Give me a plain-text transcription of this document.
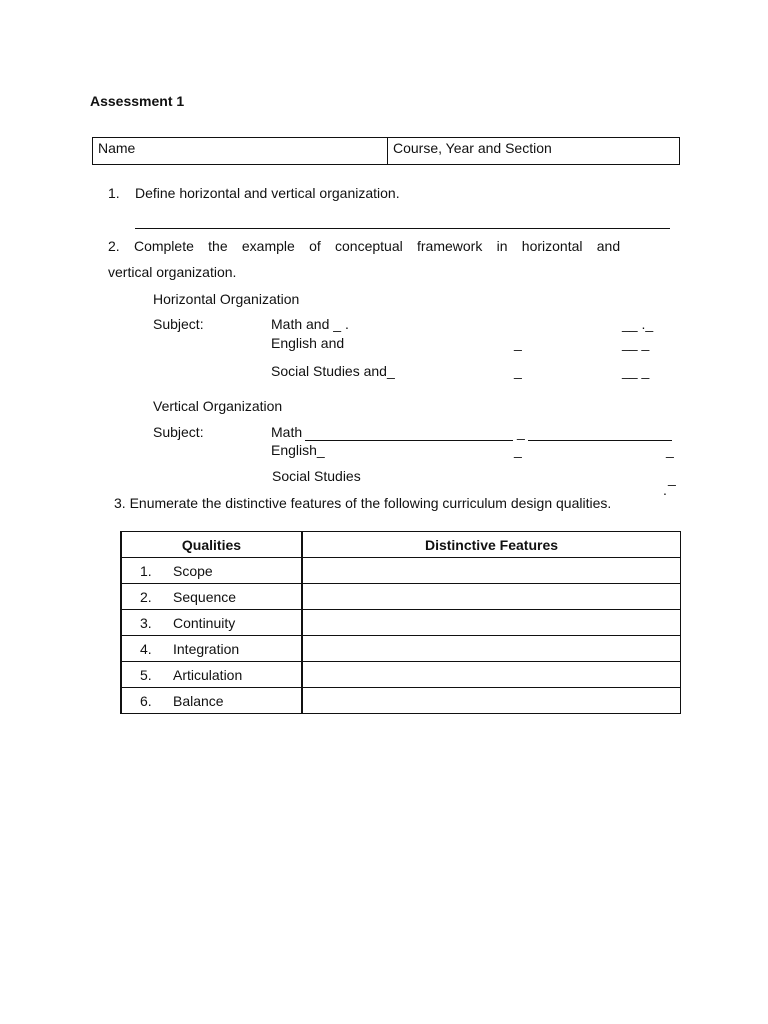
Assessment 1
Name	Course, Year and Section
1. Define horizontal and vertical organization.
2. Complete the example of conceptual framework in horizontal and
vertical organization.
Horizontal Organization
Subject:	Math and _ .	__ ._
English and	_	__ _
Social Studies and_	_	__ _
Vertical Organization
Subject:	Math	_
English_	_	_
Social Studies	_
.
3. Enumerate the distinctive features of the following curriculum design qualities.
Qualities	Distinctive Features
1. Scope	
2. Sequence	
3. Continuity	
4. Integration	
5. Articulation	
6. Balance	
